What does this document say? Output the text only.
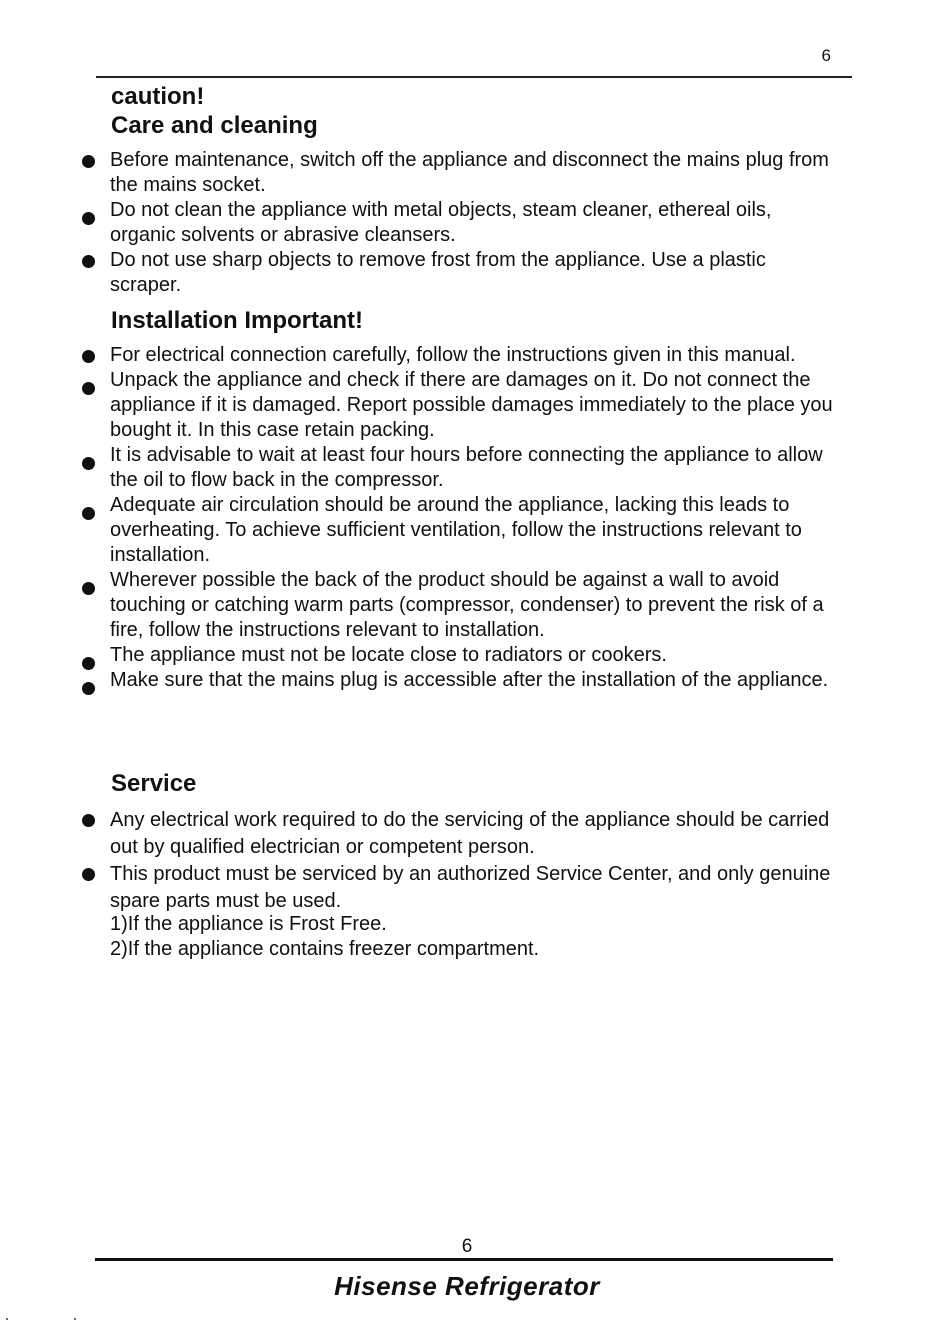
6
caution!
Care and cleaning
Before maintenance, switch off the appliance and disconnect the mains plug from the mains socket.
Do not clean the appliance with metal objects, steam cleaner, ethereal oils, organic solvents or abrasive cleansers.
Do not use sharp objects to remove frost from the appliance. Use a plastic scraper.
Installation Important!
For electrical connection carefully, follow the instructions given in this manual.
Unpack the appliance and check if there are damages on it. Do not connect the appliance if it is damaged. Report possible damages immediately to the place you bought it. In this case retain packing.
It is advisable to wait at least four hours before connecting the appliance to allow the oil to flow back in the compressor.
Adequate air circulation should be around the appliance, lacking this leads to overheating. To achieve sufficient ventilation, follow the instructions relevant to installation.
Wherever possible the back of the product should be against a wall to avoid touching or catching warm parts (compressor, condenser) to prevent the risk of a fire, follow the instructions relevant to installation.
The appliance must not be locate close to radiators or cookers.
Make sure that the mains plug is accessible after the installation of the appliance.
Service
Any electrical work required to do the servicing of the appliance should be carried out by qualified electrician or competent person.
This product must be serviced by an authorized Service Center, and only genuine spare parts must be used.
1)If the appliance is Frost Free.
2)If the appliance contains freezer compartment.
6
Hisense Refrigerator
